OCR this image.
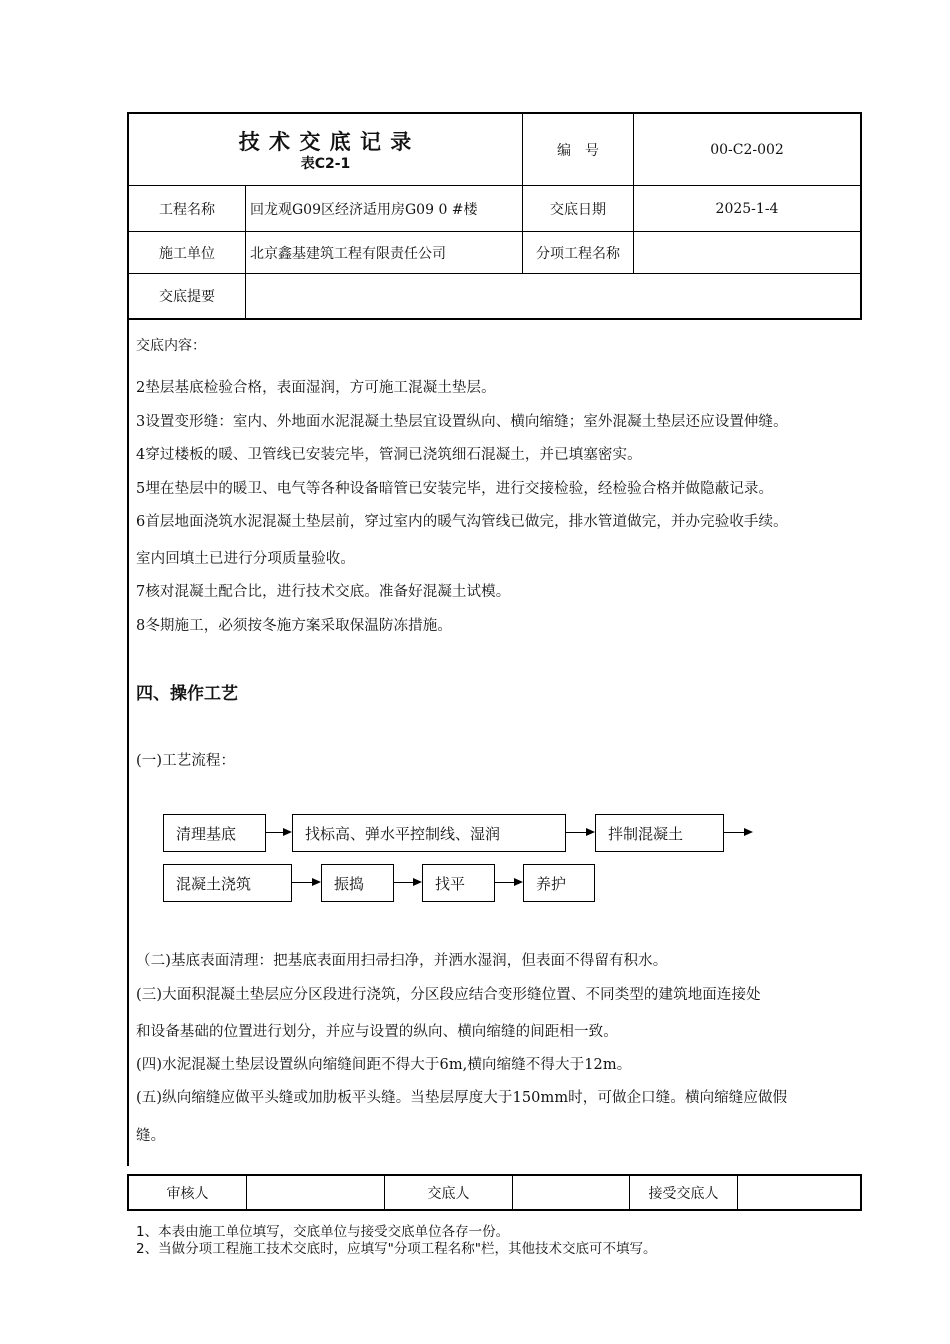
技 术 交 底 记 录
表C2-1
编　号	00-C2-002
工程名称	回龙观G09区经济适用房G09 0 #楼	交底日期	2025-1-4
施工单位	北京鑫基建筑工程有限责任公司	分项工程名称
交底提要
交底内容：
2垫层基底检验合格，表面湿润，方可施工混凝土垫层。
3设置变形缝：室内、外地面水泥混凝土垫层宜设置纵向、横向缩缝；室外混凝土垫层还应设置伸缝。
4穿过楼板的暖、卫管线已安装完毕，管洞已浇筑细石混凝土，并已填塞密实。
5埋在垫层中的暖卫、电气等各种设备暗管已安装完毕，进行交接检验，经检验合格并做隐蔽记录。
6首层地面浇筑水泥混凝土垫层前，穿过室内的暖气沟管线已做完，排水管道做完，并办完验收手续。
室内回填土已进行分项质量验收。
7核对混凝土配合比，进行技术交底。准备好混凝土试模。
8冬期施工，必须按冬施方案采取保温防冻措施。
四、操作工艺
(一)工艺流程：
清理基底	找标高、弹水平控制线、湿润	拌制混凝土
混凝土浇筑	振捣	找平	养护
（二)基底表面清理：把基底表面用扫帚扫净，并洒水湿润，但表面不得留有积水。
(三)大面积混凝土垫层应分区段进行浇筑，分区段应结合变形缝位置、不同类型的建筑地面连接处
和设备基础的位置进行划分，并应与设置的纵向、横向缩缝的间距相一致。
(四)水泥混凝土垫层设置纵向缩缝间距不得大于6m,横向缩缝不得大于12m。
(五)纵向缩缝应做平头缝或加肋板平头缝。当垫层厚度大于150mm时，可做企口缝。横向缩缝应做假
缝。
审核人	交底人	接受交底人
1、本表由施工单位填写，交底单位与接受交底单位各存一份。
2、当做分项工程施工技术交底时，应填写"分项工程名称"栏，其他技术交底可不填写。
